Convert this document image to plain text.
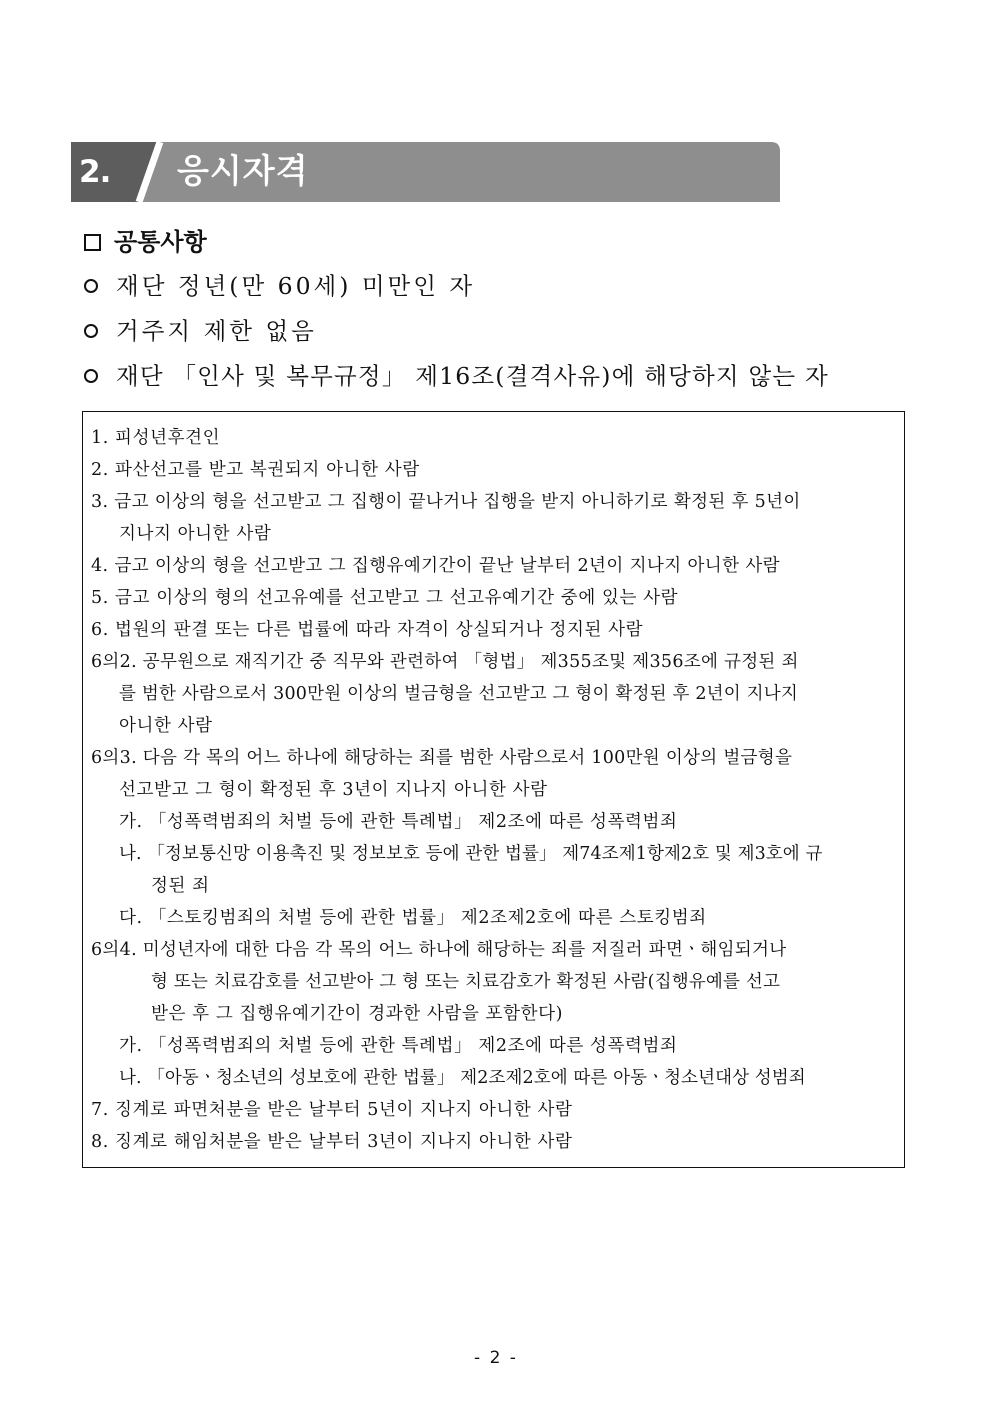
2. 응시자격
공통사항
재단 정년(만 60세) 미만인 자
거주지 제한 없음
재단 「인사 및 복무규정」 제16조(결격사유)에 해당하지 않는 자
1. 피성년후견인
2. 파산선고를 받고 복권되지 아니한 사람
3. 금고 이상의 형을 선고받고 그 집행이 끝나거나 집행을 받지 아니하기로 확정된 후 5년이
지나지 아니한 사람
4. 금고 이상의 형을 선고받고 그 집행유예기간이 끝난 날부터 2년이 지나지 아니한 사람
5. 금고 이상의 형의 선고유예를 선고받고 그 선고유예기간 중에 있는 사람
6. 법원의 판결 또는 다른 법률에 따라 자격이 상실되거나 정지된 사람
6의2. 공무원으로 재직기간 중 직무와 관련하여 「형법」 제355조및 제356조에 규정된 죄
를 범한 사람으로서 300만원 이상의 벌금형을 선고받고 그 형이 확정된 후 2년이 지나지
아니한 사람
6의3. 다음 각 목의 어느 하나에 해당하는 죄를 범한 사람으로서 100만원 이상의 벌금형을
선고받고 그 형이 확정된 후 3년이 지나지 아니한 사람
가. 「성폭력범죄의 처벌 등에 관한 특례법」 제2조에 따른 성폭력범죄
나. 「정보통신망 이용촉진 및 정보보호 등에 관한 법률」 제74조제1항제2호 및 제3호에 규
정된 죄
다. 「스토킹범죄의 처벌 등에 관한 법률」 제2조제2호에 따른 스토킹범죄
6의4. 미성년자에 대한 다음 각 목의 어느 하나에 해당하는 죄를 저질러 파면ㆍ해임되거나
형 또는 치료감호를 선고받아 그 형 또는 치료감호가 확정된 사람(집행유예를 선고
받은 후 그 집행유예기간이 경과한 사람을 포함한다)
가. 「성폭력범죄의 처벌 등에 관한 특례법」 제2조에 따른 성폭력범죄
나. 「아동ㆍ청소년의 성보호에 관한 법률」 제2조제2호에 따른 아동ㆍ청소년대상 성범죄
7. 징계로 파면처분을 받은 날부터 5년이 지나지 아니한 사람
8. 징계로 해임처분을 받은 날부터 3년이 지나지 아니한 사람
- 2 -
